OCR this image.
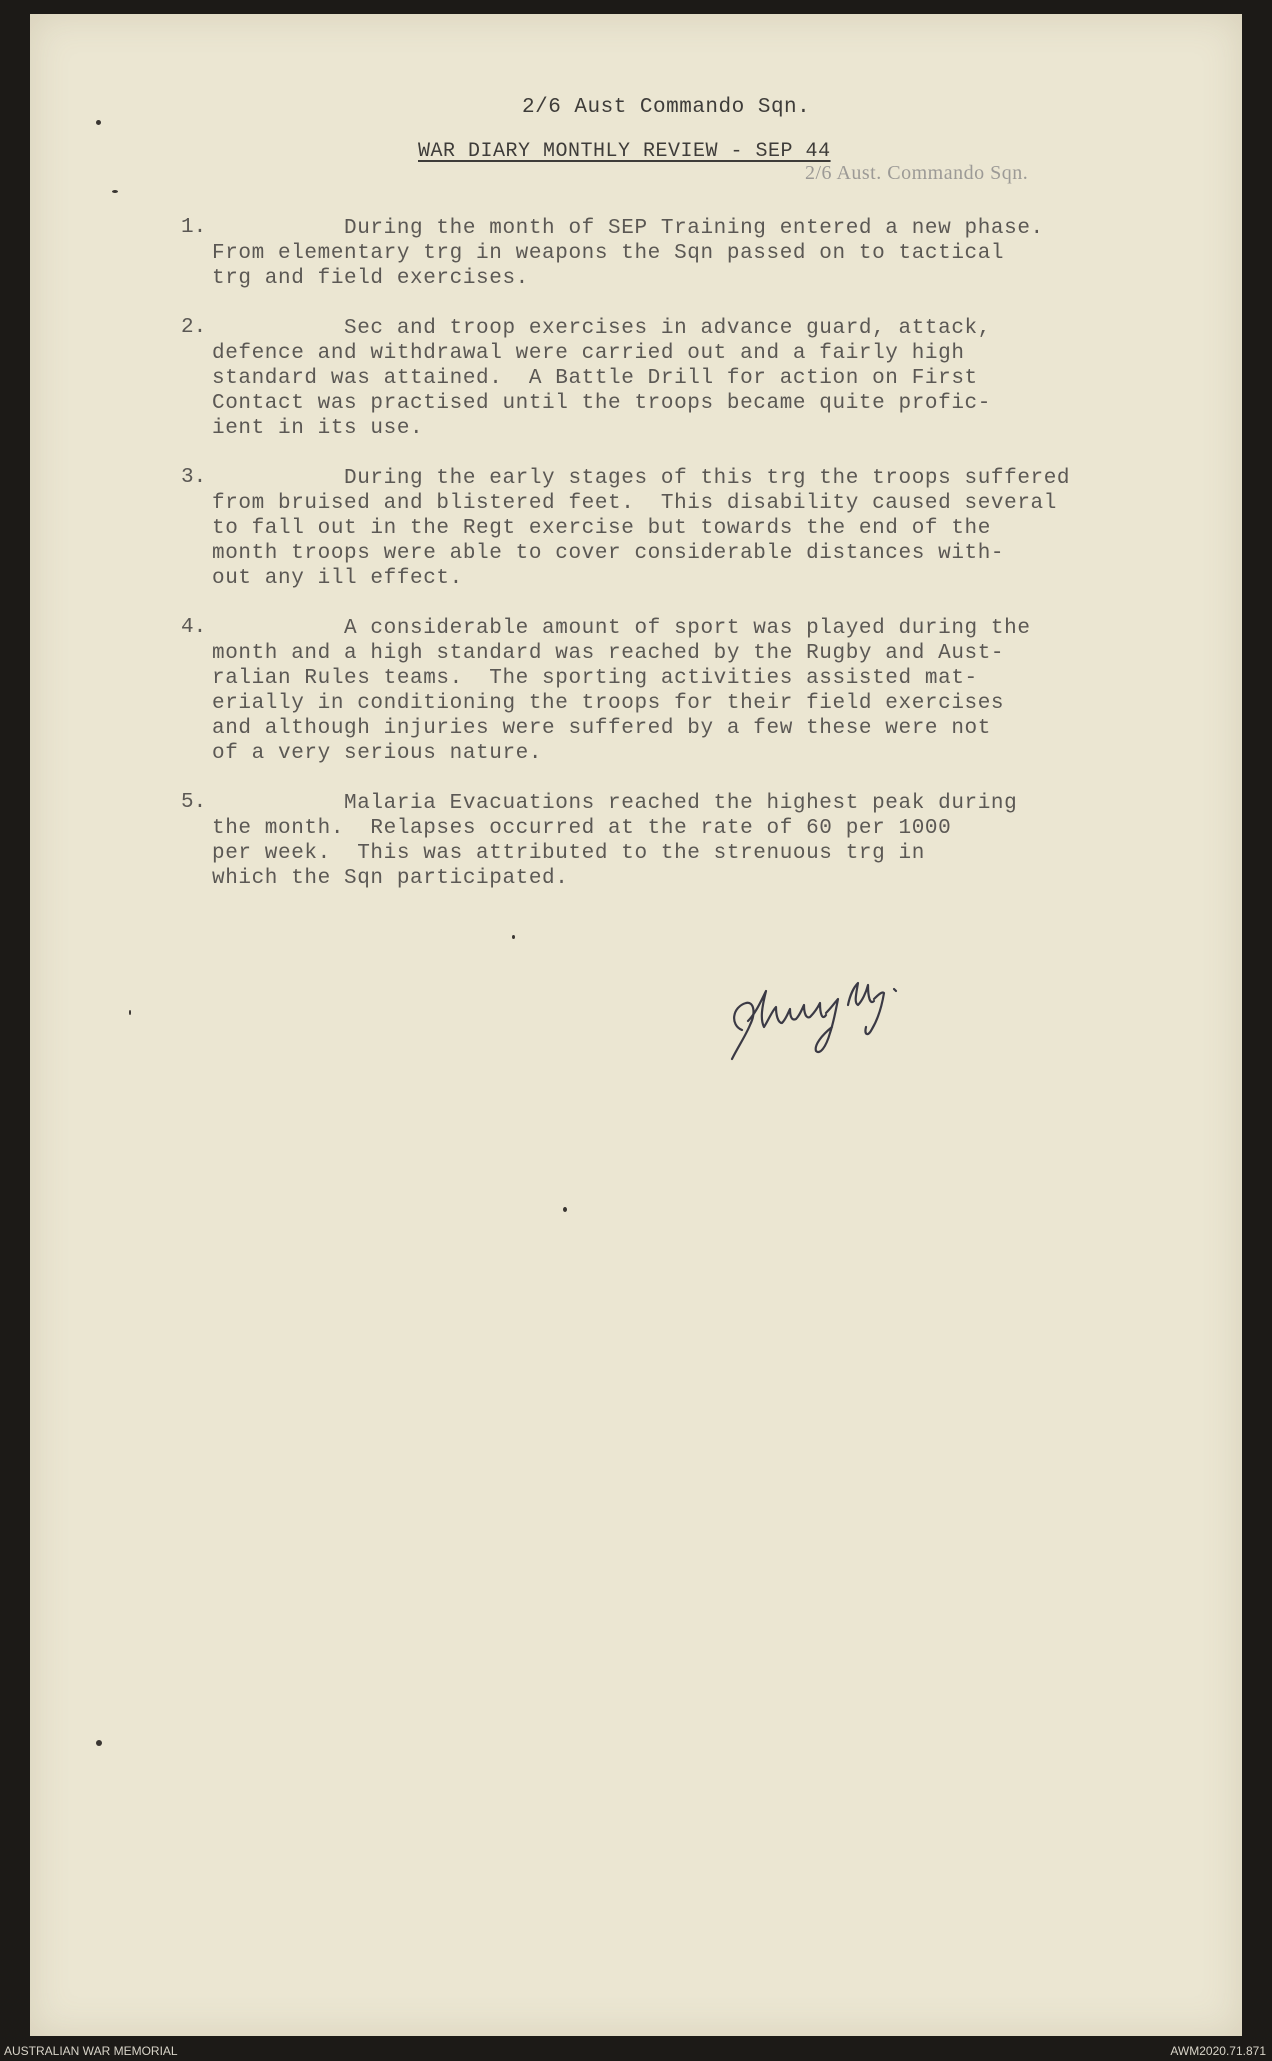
2/6 Aust Commando Sqn.
WAR DIARY MONTHLY REVIEW - SEP 44
2/6 Aust. Commando Sqn.
1. During the month of SEP Training entered a new phase.
From elementary trg in weapons the Sqn passed on to tactical
trg and field exercises.
2. Sec and troop exercises in advance guard, attack,
defence and withdrawal were carried out and a fairly high
standard was attained.  A Battle Drill for action on First
Contact was practised until the troops became quite profic-
ient in its use.
3. During the early stages of this trg the troops suffered
from bruised and blistered feet.  This disability caused several
to fall out in the Regt exercise but towards the end of the
month troops were able to cover considerable distances with-
out any ill effect.
4. A considerable amount of sport was played during the
month and a high standard was reached by the Rugby and Aust-
ralian Rules teams.  The sporting activities assisted mat-
erially in conditioning the troops for their field exercises
and although injuries were suffered by a few these were not
of a very serious nature.
5. Malaria Evacuations reached the highest peak during
the month.  Relapses occurred at the rate of 60 per 1000
per week.  This was attributed to the strenuous trg in
which the Sqn participated.
AUSTRALIAN WAR MEMORIAL	AWM2020.71.871
